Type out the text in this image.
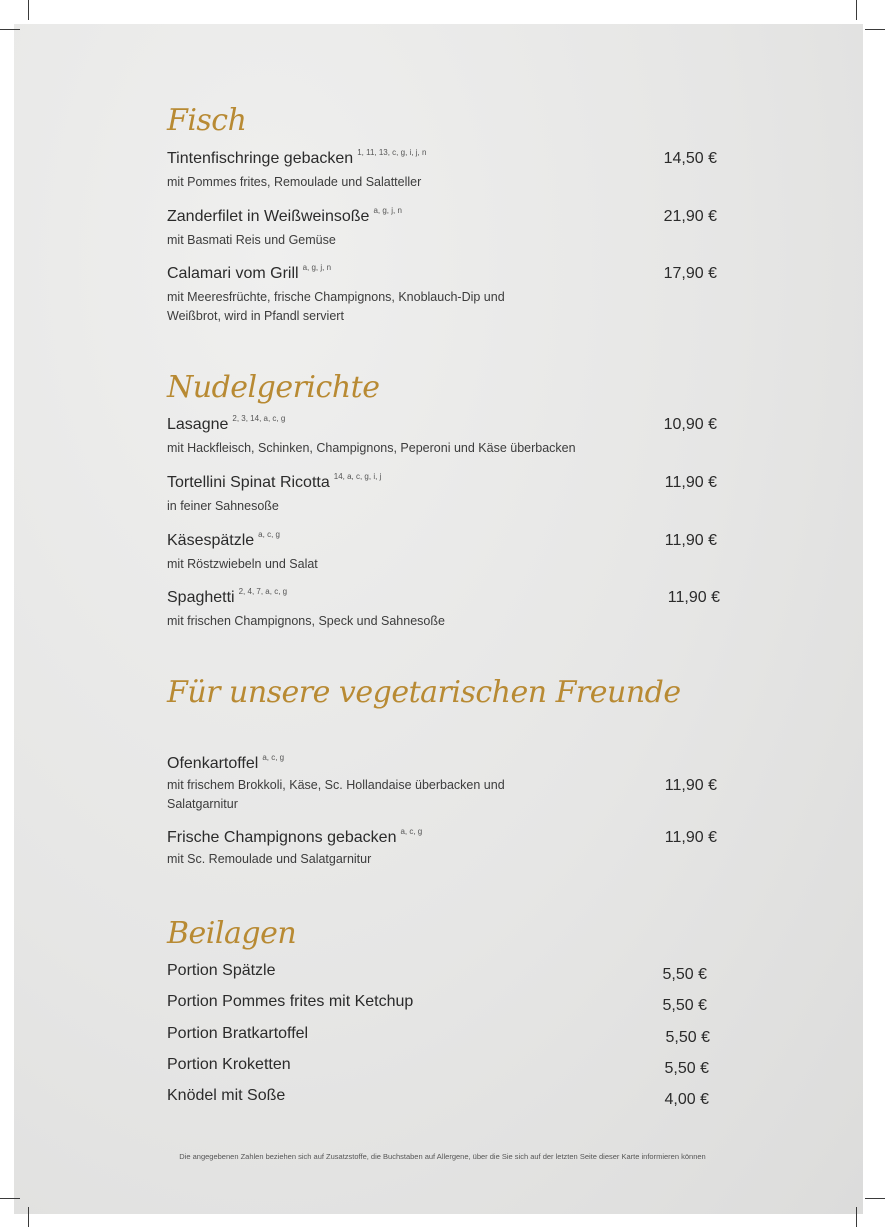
Fisch
Tintenfischringe gebacken $^{1, 11, 13, c, g, i, j, n}$
mit Pommes frites, Remoulade und Salatteller
14,50 €
Zanderfilet in Weißweinsoße $^{a, g, j, n}$
mit Basmati Reis und Gemüse
21,90 €
Calamari vom Grill $^{a, g, j, n}$
mit Meeresfrüchte, frische Champignons, Knoblauch-Dip und Weißbrot, wird in Pfandl serviert
17,90 €
Nudelgerichte
Lasagne $^{2, 3, 14, a, c, g}$
mit Hackfleisch, Schinken, Champignons, Peperoni und Käse überbacken
10,90 €
Tortellini Spinat Ricotta $^{14, a, c, g, i, j}$
in feiner Sahnesoße
11,90 €
Käsespätzle $^{a, c, g}$
mit Röstzwiebeln und Salat
11,90 €
Spaghetti $^{2, 4, 7, a, c, g}$
mit frischen Champignons, Speck und Sahnesoße
11,90 €
Für unsere vegetarischen Freunde
Ofenkartoffel $^{a, c, g}$
mit frischem Brokkoli, Käse, Sc. Hollandaise überbacken und Salatgarnitur
11,90 €
Frische Champignons gebacken $^{a, c, g}$
mit Sc. Remoulade und Salatgarnitur
11,90 €
Beilagen
Portion Spätzle	5,50 €
Portion Pommes frites mit Ketchup	5,50 €
Portion Bratkartoffel	5,50 €
Portion Kroketten	5,50 €
Knödel mit Soße	4,00 €
Die angegebenen Zahlen beziehen sich auf Zusatzstoffe, die Buchstaben auf Allergene, über die Sie sich auf der letzten Seite dieser Karte informieren können
